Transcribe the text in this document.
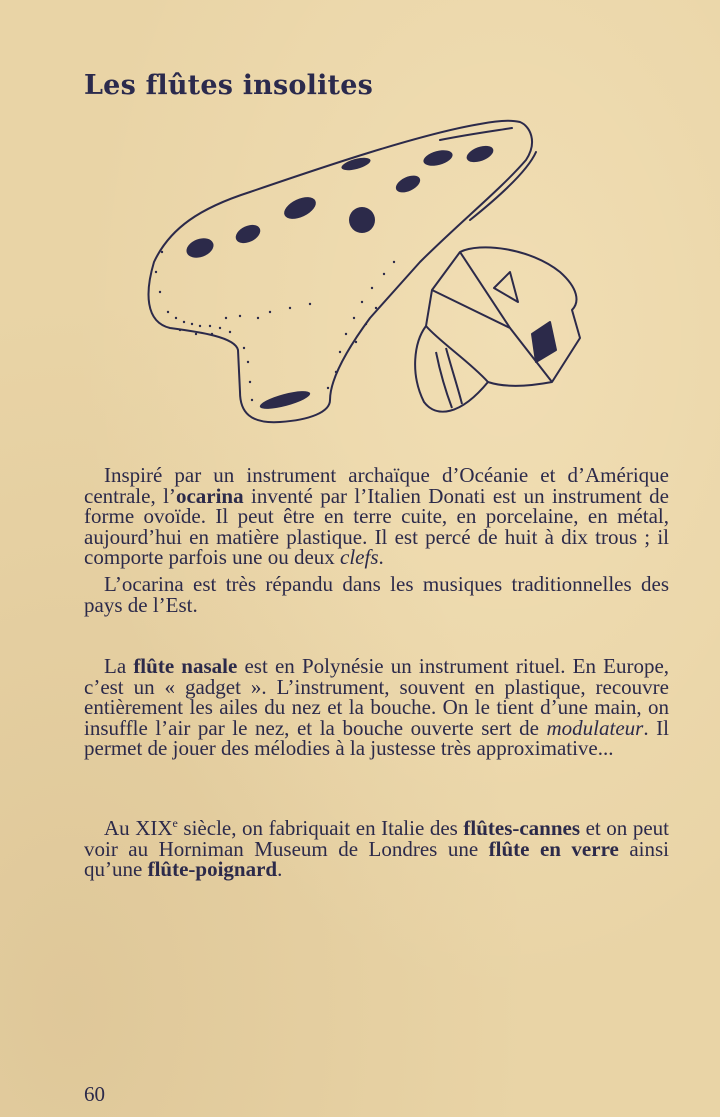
Les flûtes insolites

Inspiré par un instrument archaïque d’Océanie et d’Amérique centrale, l’ocarina inventé par l’Italien Donati est un instrument de forme ovoïde. Il peut être en terre cuite, en porcelaine, en métal, aujourd’hui en matière plastique. Il est percé de huit à dix trous ; il comporte parfois une ou deux clefs.

L’ocarina est très répandu dans les musiques traditionnelles des pays de l’Est.

La flûte nasale est en Polynésie un instrument rituel. En Europe, c’est un « gadget ». L’instrument, souvent en plastique, recouvre entièrement les ailes du nez et la bouche. On le tient d’une main, on insuffle l’air par le nez, et la bouche ouverte sert de modulateur. Il permet de jouer des mélodies à la justesse très approximative...

Au XIXe siècle, on fabriquait en Italie des flûtes-cannes et on peut voir au Horniman Museum de Londres une flûte en verre ainsi qu’une flûte-poignard.

60
